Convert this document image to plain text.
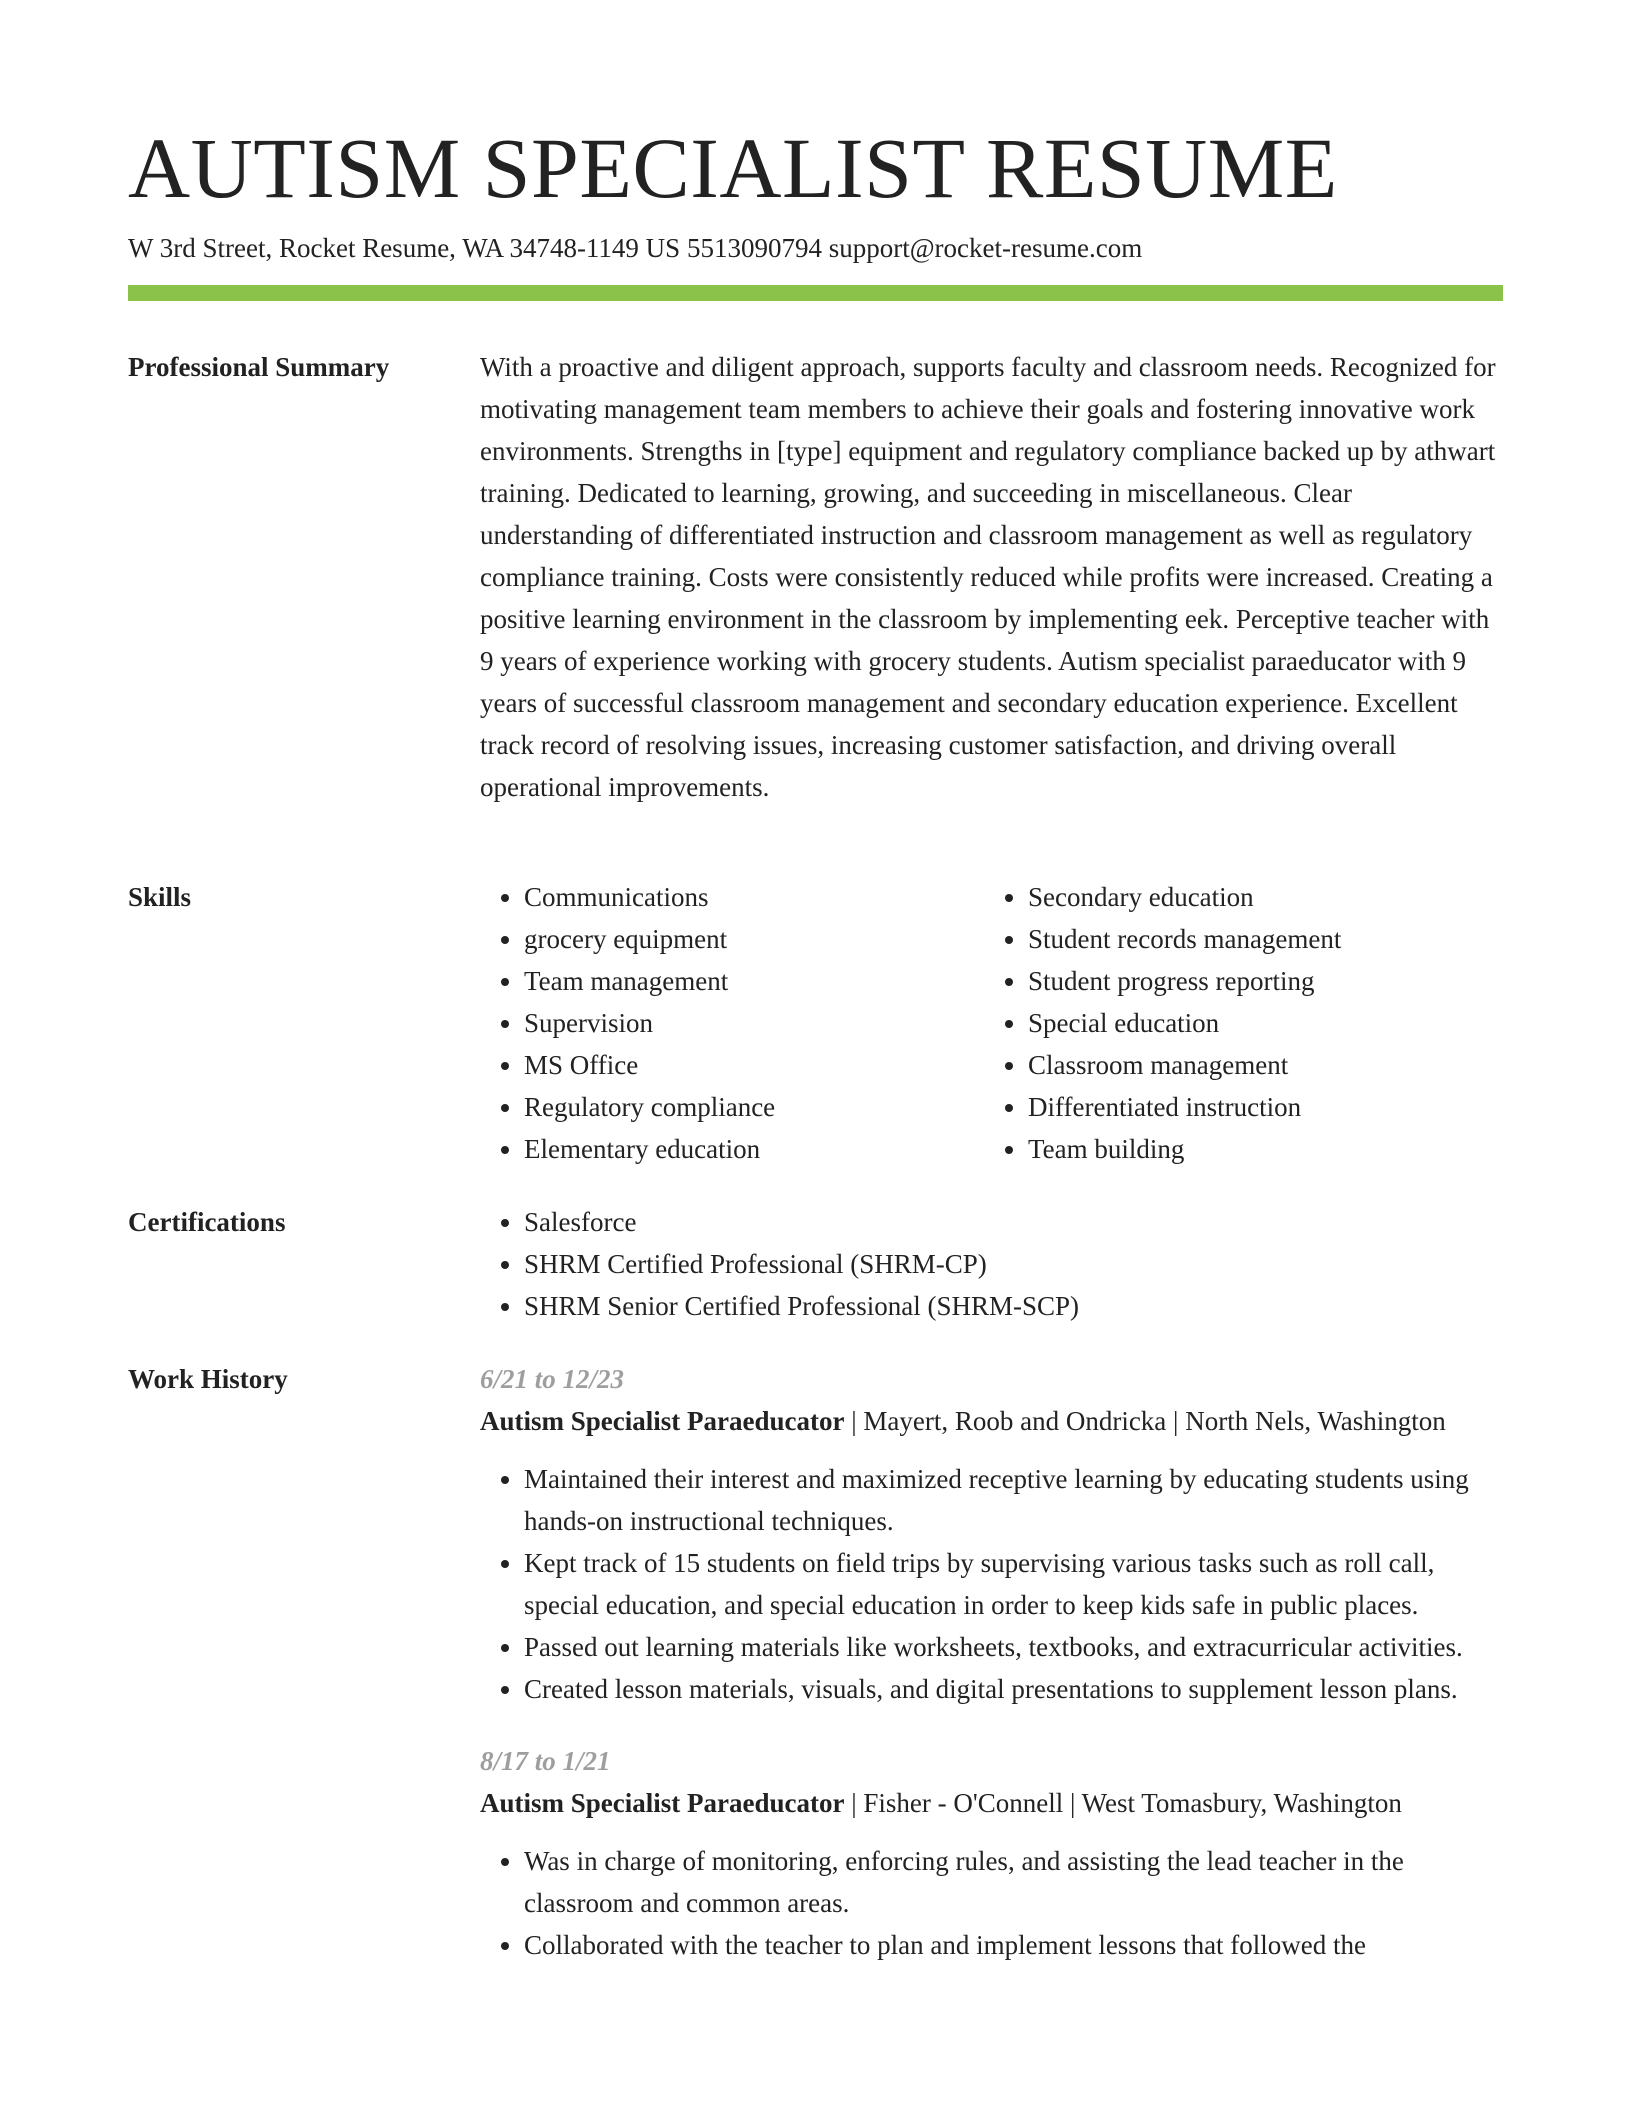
AUTISM SPECIALIST RESUME
W 3rd Street, Rocket Resume, WA 34748-1149 US 5513090794 support@rocket-resume.com
Professional Summary	With a proactive and diligent approach, supports faculty and classroom needs. Recognized for motivating management team members to achieve their goals and fostering innovative work environments. Strengths in [type] equipment and regulatory compliance backed up by athwart training. Dedicated to learning, growing, and succeeding in miscellaneous. Clear understanding of differentiated instruction and classroom management as well as regulatory compliance training. Costs were consistently reduced while profits were increased. Creating a positive learning environment in the classroom by implementing eek. Perceptive teacher with 9 years of experience working with grocery students. Autism specialist paraeducator with 9 years of successful classroom management and secondary education experience. Excellent track record of resolving issues, increasing customer satisfaction, and driving overall operational improvements.

Skills	• Communications
• grocery equipment
• Team management
• Supervision
• MS Office
• Regulatory compliance
• Elementary education
• Secondary education
• Student records management
• Student progress reporting
• Special education
• Classroom management
• Differentiated instruction
• Team building
Certifications	• Salesforce
• SHRM Certified Professional (SHRM-CP)
• SHRM Senior Certified Professional (SHRM-SCP)
Work History	6/21 to 12/23
Autism Specialist Paraeducator | Mayert, Roob and Ondricka | North Nels, Washington
• Maintained their interest and maximized receptive learning by educating students using hands-on instructional techniques.
• Kept track of 15 students on field trips by supervising various tasks such as roll call, special education, and special education in order to keep kids safe in public places.
• Passed out learning materials like worksheets, textbooks, and extracurricular activities.
• Created lesson materials, visuals, and digital presentations to supplement lesson plans.
8/17 to 1/21
Autism Specialist Paraeducator | Fisher - O'Connell | West Tomasbury, Washington
• Was in charge of monitoring, enforcing rules, and assisting the lead teacher in the classroom and common areas.
• Collaborated with the teacher to plan and implement lessons that followed the
